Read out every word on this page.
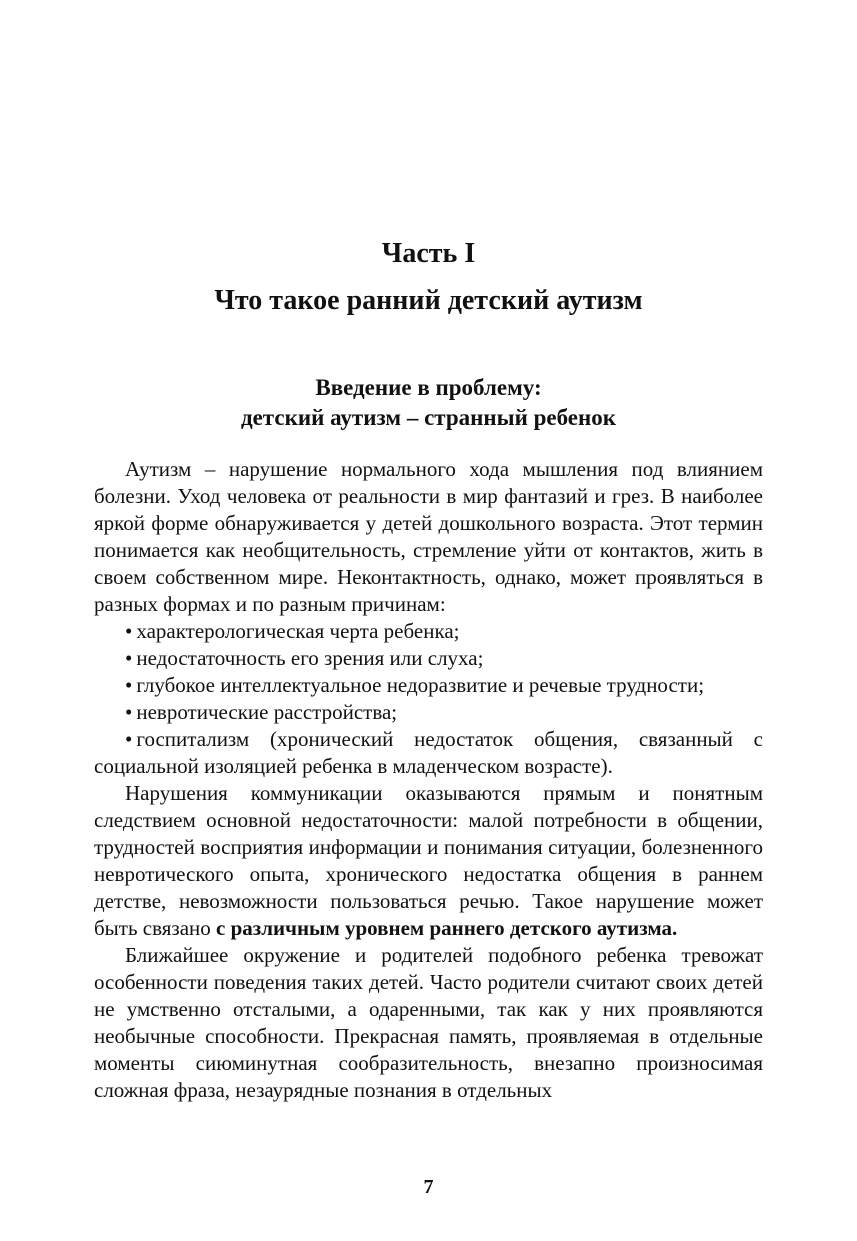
Часть I
Что такое ранний детский аутизм
Введение в проблему:
детский аутизм – странный ребенок

Аутизм – нарушение нормального хода мышления под влиянием болезни. Уход человека от реальности в мир фантазий и грез. В наиболее яркой форме обнаруживается у детей дошкольного возраста. Этот термин понимается как необщительность, стремление уйти от контактов, жить в своем собственном мире. Неконтактность, однако, может проявляться в разных формах и по разным причинам:

• характерологическая черта ребенка;
• недостаточность его зрения или слуха;
• глубокое интеллектуальное недоразвитие и речевые трудности;
• невротические расстройства;
• госпитализм (хронический недостаток общения, связанный с социальной изоляцией ребенка в младенческом возрасте).

Нарушения коммуникации оказываются прямым и понятным следствием основной недостаточности: малой потребности в общении, трудностей восприятия информации и понимания ситуации, болезненного невротического опыта, хронического недостатка общения в раннем детстве, невозможности пользоваться речью. Такое нарушение может быть связано с различным уровнем раннего детского аутизма.

Ближайшее окружение и родителей подобного ребенка тревожат особенности поведения таких детей. Часто родители считают своих детей не умственно отсталыми, а одаренными, так как у них проявляются необычные способности. Прекрасная память, проявляемая в отдельные моменты сиюминутная сообразительность, внезапно произносимая сложная фраза, незаурядные познания в отдельных

7
